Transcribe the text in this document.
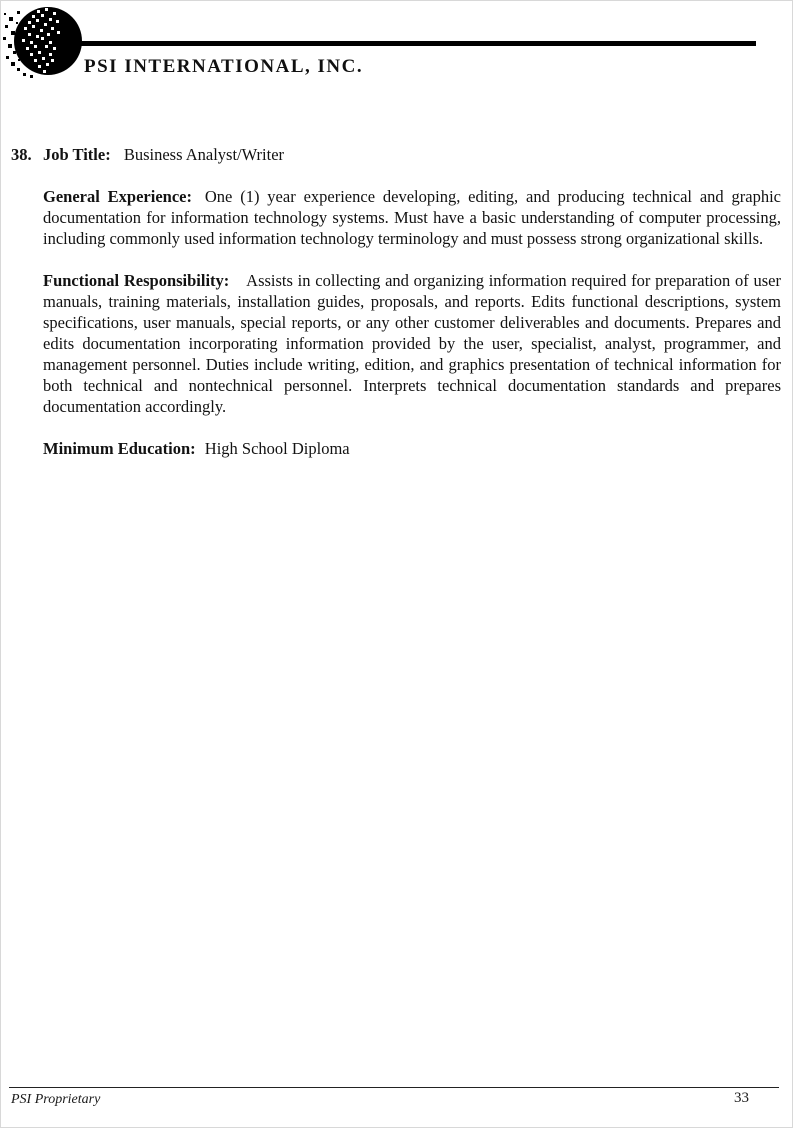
PSI INTERNATIONAL, INC.
38. Job Title: Business Analyst/Writer

General Experience: One (1) year experience developing, editing, and producing technical and graphic documentation for information technology systems. Must have a basic understanding of computer processing, including commonly used information technology terminology and must possess strong organizational skills.

Functional Responsibility: Assists in collecting and organizing information required for preparation of user manuals, training materials, installation guides, proposals, and reports. Edits functional descriptions, system specifications, user manuals, special reports, or any other customer deliverables and documents. Prepares and edits documentation incorporating information provided by the user, specialist, analyst, programmer, and management personnel. Duties include writing, edition, and graphics presentation of technical information for both technical and nontechnical personnel. Interprets technical documentation standards and prepares documentation accordingly.

Minimum Education: High School Diploma

PSI Proprietary	33
